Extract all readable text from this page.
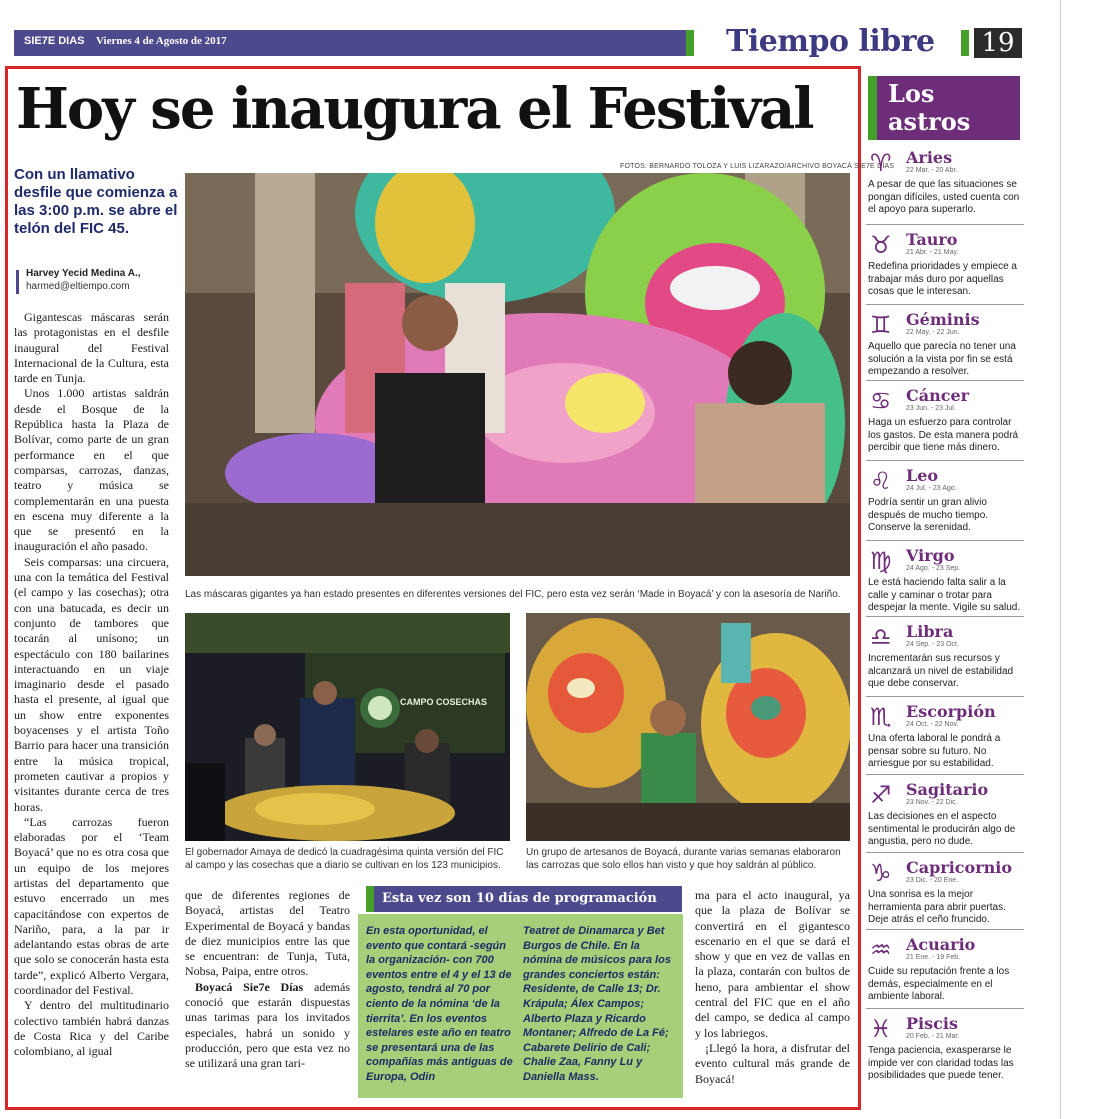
SIE7E DIAS Viernes 4 de Agosto de 2017	Tiempo libre 19
Hoy se inaugura el Festival
Con un llamativo desfile que comienza a las 3:00 p.m. se abre el telón del FIC 45.
Harvey Yecid Medina A.,
harmed@eltiempo.com

Gigantescas máscaras serán las protagonistas en el desfile inaugural del Festival Internacional de la Cultura, esta tarde en Tunja.

Unos 1.000 artistas saldrán desde el Bosque de la República hasta la Plaza de Bolívar, como parte de un gran performance en el que comparsas, carrozas, danzas, teatro y música se complementarán en una puesta en escena muy diferente a la que se presentó en la inauguración el año pasado.

Seis comparsas: una circuera, una con la temática del Festival (el campo y las cosechas); otra con una batucada, es decir un conjunto de tambores que tocarán al unísono; un espectáculo con 180 bailarines interactuando en un viaje imaginario desde el pasado hasta el presente, al igual que un show entre exponentes boyacenses y el artista Toño Barrio para hacer una transición entre la música tropical, prometen cautivar a propios y visitantes durante cerca de tres horas.

“Las carrozas fueron elaboradas por el ‘Team Boyacá’ que no es otra cosa que un equipo de los mejores artistas del departamento que estuvo encerrado un mes capacitándose con expertos de Nariño, para, a la par ir adelantando estas obras de arte que solo se conocerán hasta esta tarde”, explicó Alberto Vergara, coordinador del Festival.

Y dentro del multitudinario colectivo también habrá danzas de Costa Rica y del Caribe colombiano, al igual

FOTOS: BERNARDO TOLOZA Y LUIS LIZARAZO/ARCHIVO BOYACÁ SIE7E DÍAS
Las máscaras gigantes ya han estado presentes en diferentes versiones del FIC, pero esta vez serán ‘Made in Boyacá’ y con la asesoría de Nariño.
CAMPO COSECHAS
El gobernador Amaya de dedicó la cuadragésima quinta versión del FIC al campo y las cosechas que a diario se cultivan en los 123 municipios.
Un grupo de artesanos de Boyacá, durante varias semanas elaboraron las carrozas que solo ellos han visto y que hoy saldrán al público.

que de diferentes regiones de Boyacá, artistas del Teatro Experimental de Boyacá y bandas de diez municipios entre las que se encuentran: de Tunja, Tuta, Nobsa, Paipa, entre otros.

Boyacá Sie7e Días además conoció que estarán dispuestas unas tarimas para los invitados especiales, habrá un sonido y producción, pero que esta vez no se utilizará una gran tari-

Esta vez son 10 días de programación
En esta oportunidad, el evento que contará -según la organización- con 700 eventos entre el 4 y el 13 de agosto, tendrá al 70 por ciento de la nómina ‘de la tierrita’. En los eventos estelares este año en teatro se presentará una de las compañías más antiguas de Europa, Odin
Teatret de Dinamarca y Bet Burgos de Chile. En la nómina de músicos para los grandes conciertos están: Residente, de Calle 13; Dr. Krápula; Álex Campos; Alberto Plaza y Ricardo Montaner; Alfredo de La Fé; Cabarete Delirio de Cali; Chalie Zaa, Fanny Lu y Daniella Mass.

ma para el acto inaugural, ya que la plaza de Bolívar se convertirá en el gigantesco escenario en el que se dará el show y que en vez de vallas en la plaza, contarán con bultos de heno, para ambientar el show central del FIC que en el año del campo, se dedica al campo y los labriegos.

¡Llegó la hora, a disfrutar del evento cultural más grande de Boyacá!

Los
astros
♈ Aries
22 Mar. - 20 Abr.
A pesar de que las situaciones se pongan difíciles, usted cuenta con el apoyo para superarlo.
♉ Tauro
21 Abr. - 21 May.
Redefina prioridades y empiece a trabajar más duro por aquellas cosas que le interesan.
♊ Géminis
22 May. - 22 Jun.
Aquello que parecía no tener una solución a la vista por fin se está empezando a resolver.
♋ Cáncer
23 Jun. - 23 Jul.
Haga un esfuerzo para controlar los gastos. De esta manera podrá percibir que tiene más dinero.
♌ Leo
24 Jul. - 23 Ago.
Podría sentir un gran alivio después de mucho tiempo. Conserve la serenidad.
♍ Virgo
24 Ago. - 23 Sep.
Le está haciendo falta salir a la calle y caminar o trotar para despejar la mente. Vigile su salud.
♎ Libra
24 Sep. - 23 Oct.
Incrementarán sus recursos y alcanzará un nivel de estabilidad que debe conservar.
♏ Escorpión
24 Oct. - 22 Nov.
Una oferta laboral le pondrá a pensar sobre su futuro. No arriesgue por su estabilidad.
♐ Sagitario
23 Nov. - 22 Dic.
Las decisiones en el aspecto sentimental le producirán algo de angustia, pero no dude.
♑ Capricornio
23 Dic. - 20 Ene.
Una sonrisa es la mejor herramienta para abrir puertas. Deje atrás el ceño fruncido.
♒ Acuario
21 Ene. - 19 Feb.
Cuide su reputación frente a los demás, especialmente en el ambiente laboral.
♓ Piscis
20 Feb. - 21 Mar.
Tenga paciencia, exasperarse le impide ver con claridad todas las posibilidades que puede tener.
